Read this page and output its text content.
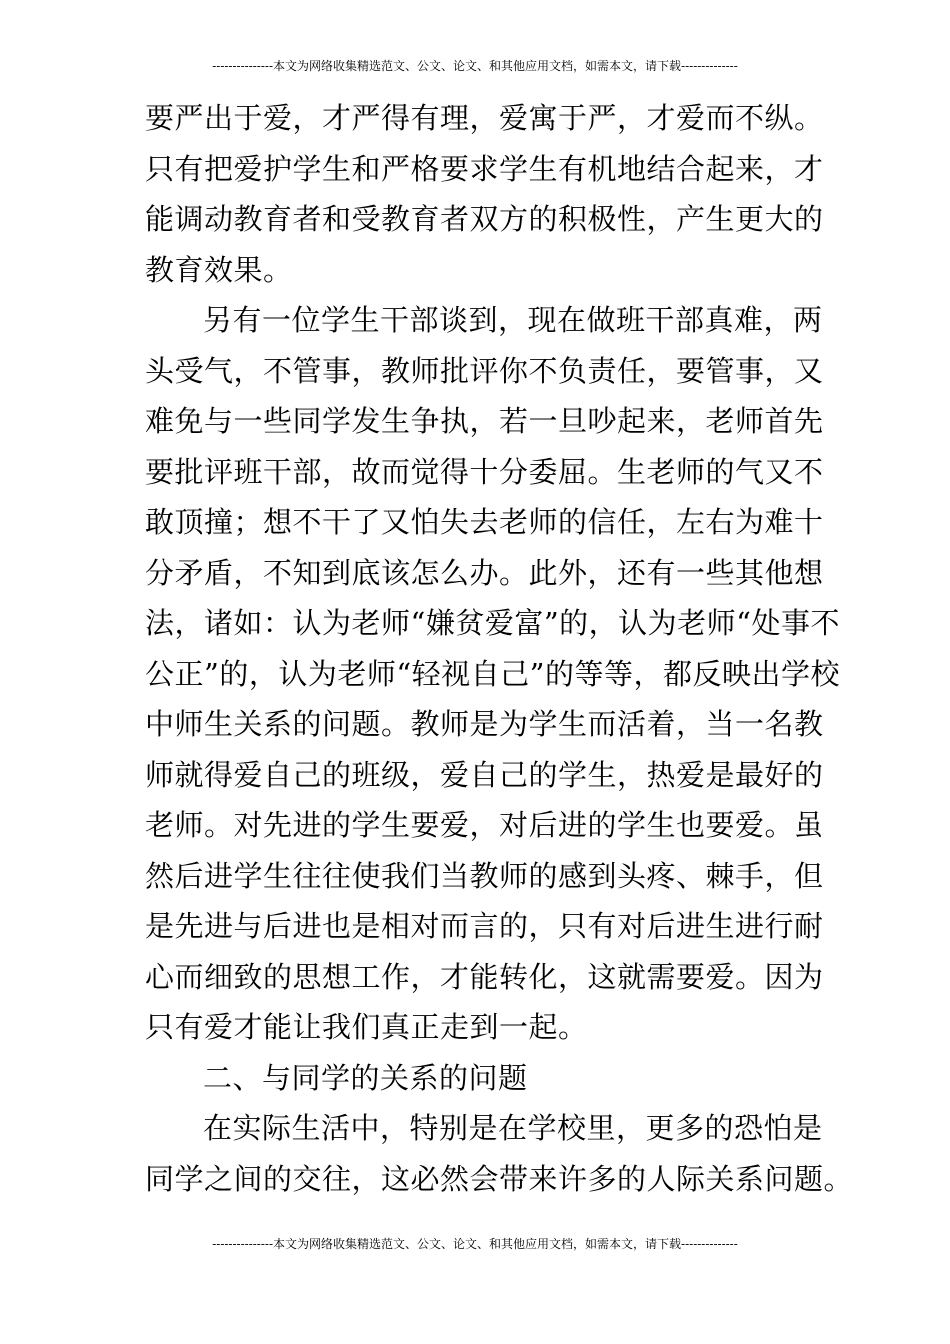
---------------本文为网络收集精选范文、公文、论文、和其他应用文档，如需本文，请下载--------------
要严出于爱，才严得有理，爱寓于严，才爱而不纵。
只有把爱护学生和严格要求学生有机地结合起来，才
能调动教育者和受教育者双方的积极性，产生更大的
教育效果。
另有一位学生干部谈到，现在做班干部真难，两
头受气，不管事，教师批评你不负责任，要管事，又
难免与一些同学发生争执，若一旦吵起来，老师首先
要批评班干部，故而觉得十分委屈。生老师的气又不
敢顶撞；想不干了又怕失去老师的信任，左右为难十
分矛盾，不知到底该怎么办。此外，还有一些其他想
法，诸如：认为老师“嫌贫爱富”的，认为老师“处事不
公正”的，认为老师“轻视自己”的等等，都反映出学校
中师生关系的问题。教师是为学生而活着，当一名教
师就得爱自己的班级，爱自己的学生，热爱是最好的
老师。对先进的学生要爱，对后进的学生也要爱。虽
然后进学生往往使我们当教师的感到头疼、棘手，但
是先进与后进也是相对而言的，只有对后进生进行耐
心而细致的思想工作，才能转化，这就需要爱。因为
只有爱才能让我们真正走到一起。
二、与同学的关系的问题
在实际生活中，特别是在学校里，更多的恐怕是
同学之间的交往，这必然会带来许多的人际关系问题。
---------------本文为网络收集精选范文、公文、论文、和其他应用文档，如需本文，请下载--------------
